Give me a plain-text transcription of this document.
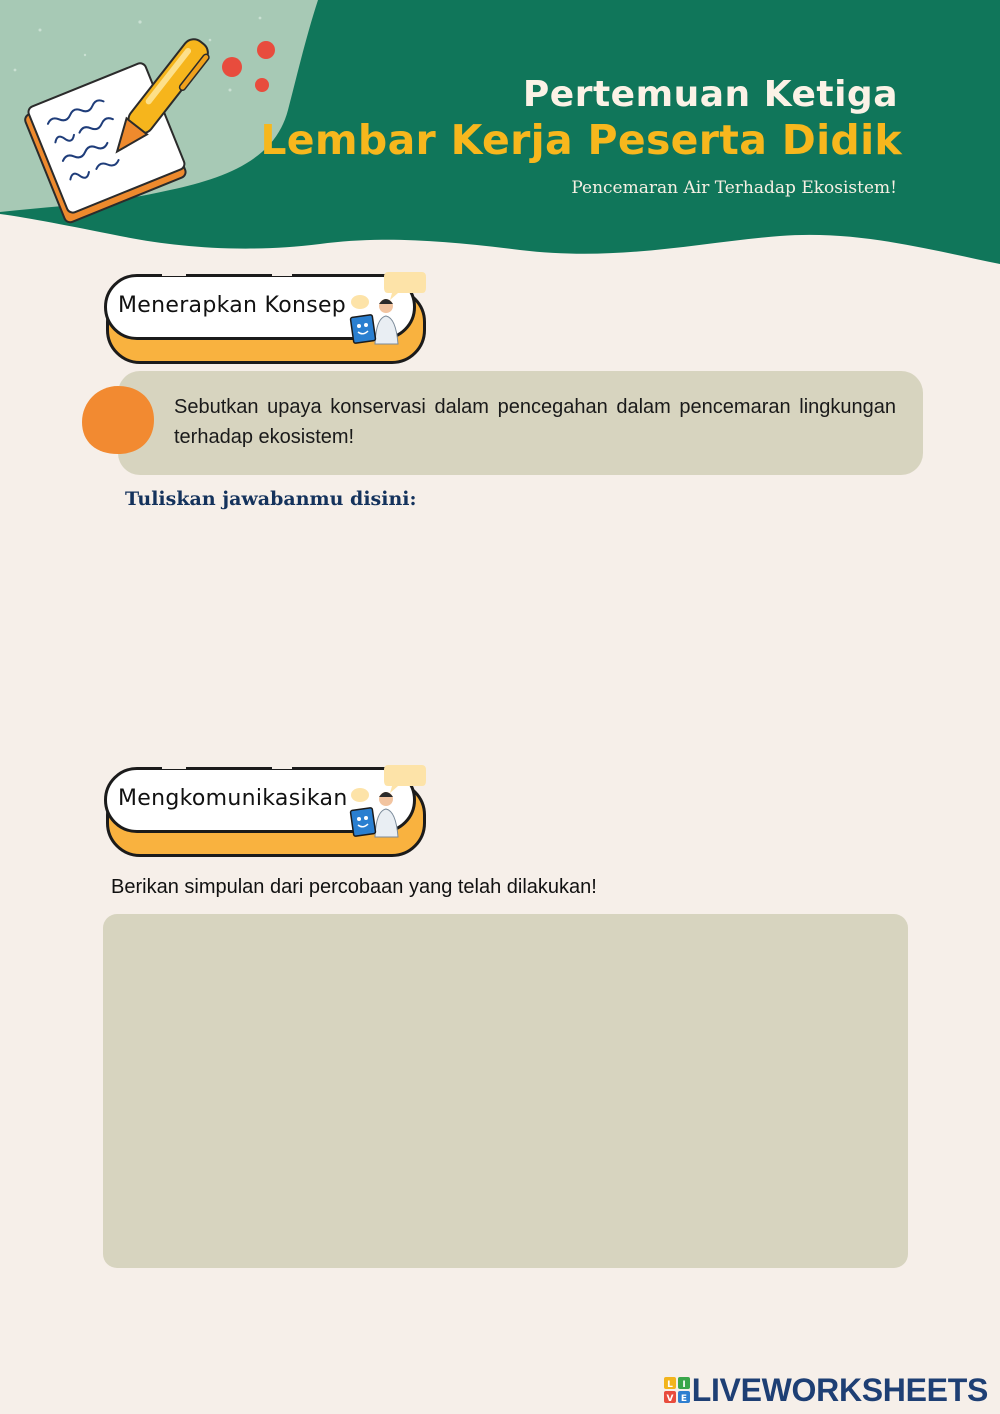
Pertemuan Ketiga
Lembar Kerja Peserta Didik
Pencemaran Air Terhadap Ekosistem!
Menerapkan Konsep

Sebutkan upaya konservasi dalam pencegahan dalam pencemaran lingkungan terhadap ekosistem!

Tuliskan jawabanmu disini:
Mengkomunikasikan

Berikan simpulan dari percobaan yang telah dilakukan!

L I
V E LIVEWORKSHEETS
